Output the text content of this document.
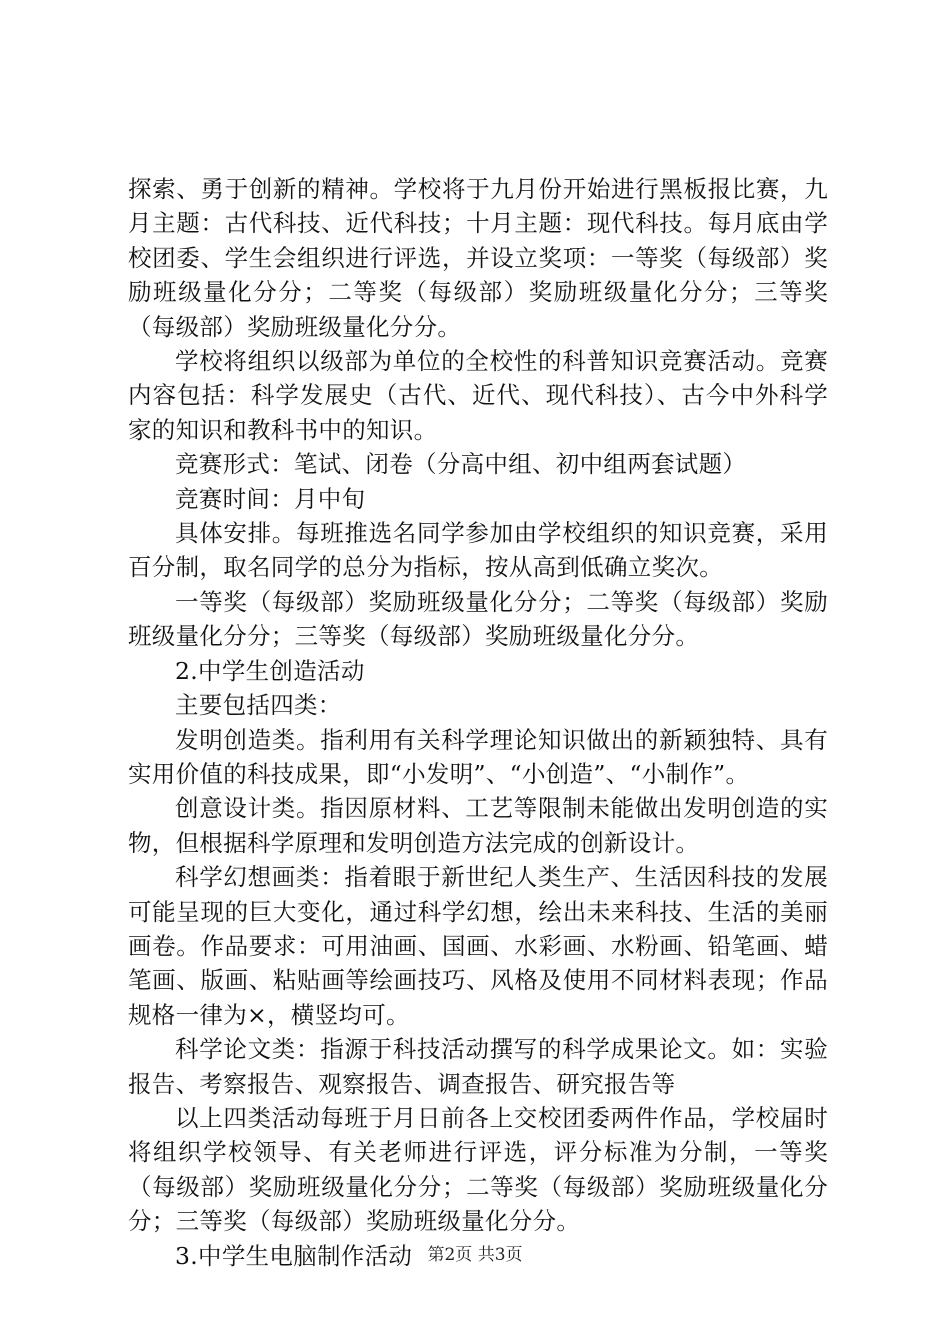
探索、勇于创新的精神。学校将于九月份开始进行黑板报比赛，九月主题：古代科技、近代科技；十月主题：现代科技。每月底由学校团委、学生会组织进行评选，并设立奖项：一等奖（每级部）奖励班级量化分分；二等奖（每级部）奖励班级量化分分；三等奖（每级部）奖励班级量化分分。

学校将组织以级部为单位的全校性的科普知识竞赛活动。竞赛内容包括：科学发展史（古代、近代、现代科技）、古今中外科学家的知识和教科书中的知识。

竞赛形式：笔试、闭卷（分高中组、初中组两套试题）

竞赛时间：月中旬

具体安排。每班推选名同学参加由学校组织的知识竞赛，采用百分制，取名同学的总分为指标，按从高到低确立奖次。

一等奖（每级部）奖励班级量化分分；二等奖（每级部）奖励班级量化分分；三等奖（每级部）奖励班级量化分分。

2.中学生创造活动

主要包括四类：

发明创造类。指利用有关科学理论知识做出的新颖独特、具有实用价值的科技成果，即“小发明”、“小创造”、“小制作”。

创意设计类。指因原材料、工艺等限制未能做出发明创造的实物，但根据科学原理和发明创造方法完成的创新设计。

科学幻想画类：指着眼于新世纪人类生产、生活因科技的发展可能呈现的巨大变化，通过科学幻想，绘出未来科技、生活的美丽画卷。作品要求：可用油画、国画、水彩画、水粉画、铅笔画、蜡笔画、版画、粘贴画等绘画技巧、风格及使用不同材料表现；作品规格一律为×，横竖均可。

科学论文类：指源于科技活动撰写的科学成果论文。如：实验报告、考察报告、观察报告、调查报告、研究报告等

以上四类活动每班于月日前各上交校团委两件作品，学校届时将组织学校领导、有关老师进行评选，评分标准为分制，一等奖（每级部）奖励班级量化分分；二等奖（每级部）奖励班级量化分分；三等奖（每级部）奖励班级量化分分。

3.中学生电脑制作活动 第2页 共3页
